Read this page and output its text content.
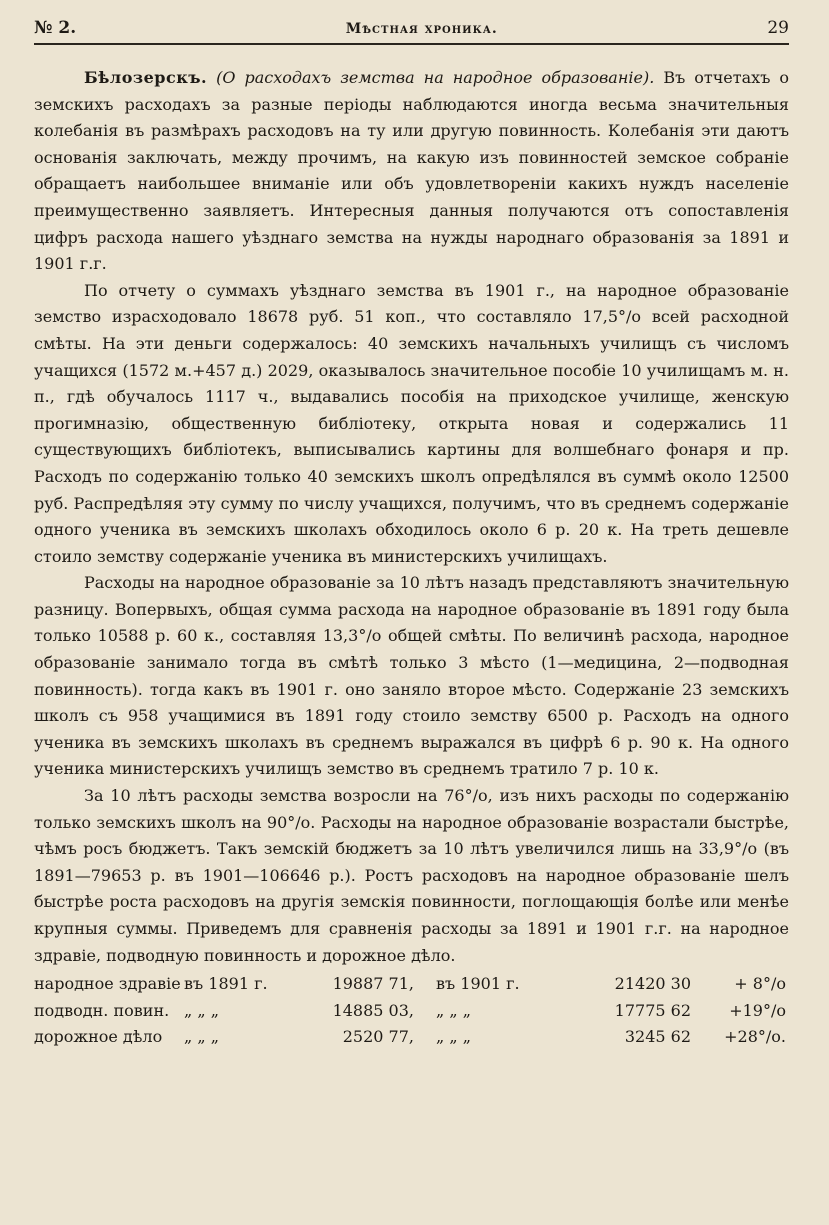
№ 2.	Мѣстная хроника.	29

Бѣлозерскъ. (О расходахъ земства на народное образованіе). Въ отчетахъ о земскихъ расходахъ за разные періоды наблюдаются иногда весьма значительныя колебанія въ размѣрахъ расходовъ на ту или другую повинность. Колебанія эти даютъ основанія заключать, между прочимъ, на какую изъ повинностей земское собраніе обращаетъ наибольшее вниманіе или объ удовлетвореніи какихъ нуждъ населеніе преимущественно заявляетъ. Интересныя данныя получаются отъ сопоставленія цифръ расхода нашего уѣзднаго земства на нужды народнаго образованія за 1891 и 1901 г.г.

По отчету о суммахъ уѣзднаго земства въ 1901 г., на народное образованіе земство израсходовало 18678 руб. 51 коп., что составляло 17,5°/о всей расходной смѣты. На эти деньги содержалось: 40 земскихъ начальныхъ училищъ съ числомъ учащихся (1572 м.+457 д.) 2029, оказывалось значительное пособіе 10 училищамъ м. н. п., гдѣ обучалось 1117 ч., выдавались пособія на приходское училище, женскую прогимназію, общественную библіотеку, открыта новая и содержались 11 существующихъ библіотекъ, выписывались картины для волшебнаго фонаря и пр. Расходъ по содержанію только 40 земскихъ школъ опредѣлялся въ суммѣ около 12500 руб. Распредѣляя эту сумму по числу учащихся, получимъ, что въ среднемъ содержаніе одного ученика въ земскихъ школахъ обходилось около 6 р. 20 к. На треть дешевле стоило земству содержаніе ученика въ министерскихъ училищахъ.

Расходы на народное образованіе за 10 лѣтъ назадъ представляютъ значительную разницу. Вопервыхъ, общая сумма расхода на народное образованіе въ 1891 году была только 10588 р. 60 к., составляя 13,3°/о общей смѣты. По величинѣ расхода, народное образованіе занимало тогда въ смѣтѣ только 3 мѣсто (1—медицина, 2—подводная повинность). тогда какъ въ 1901 г. оно заняло второе мѣсто. Содержаніе 23 земскихъ школъ съ 958 учащимися въ 1891 году стоило земству 6500 р. Расходъ на одного ученика въ земскихъ школахъ въ среднемъ выражался въ цифрѣ 6 р. 90 к. На одного ученика министерскихъ училищъ земство въ среднемъ тратило 7 р. 10 к.

За 10 лѣтъ расходы земства возросли на 76°/о, изъ нихъ расходы по содержанію только земскихъ школъ на 90°/о. Расходы на народное образованіе возрастали быстрѣе, чѣмъ росъ бюджетъ. Такъ земскій бюджетъ за 10 лѣтъ увеличился лишь на 33,9°/о (въ 1891—79653 р. въ 1901—106646 р.). Ростъ расходовъ на народное образованіе шелъ быстрѣе роста расходовъ на другія земскія повинности, поглощающія болѣе или менѣе крупныя суммы. Приведемъ для сравненія расходы за 1891 и 1901 г.г. на народное здравіе, подводную повинность и дорожное дѣло.

народное здравіе въ 1891 г.	19887 71,	въ 1901 г.	21420 30	+ 8°/о
подводн. повин. „ „ „	14885 03,	„ „ „	17775 62	+19°/о
дорожное дѣло	„ „ „	2520 77,	„ „ „	3245 62	+28°/о.
